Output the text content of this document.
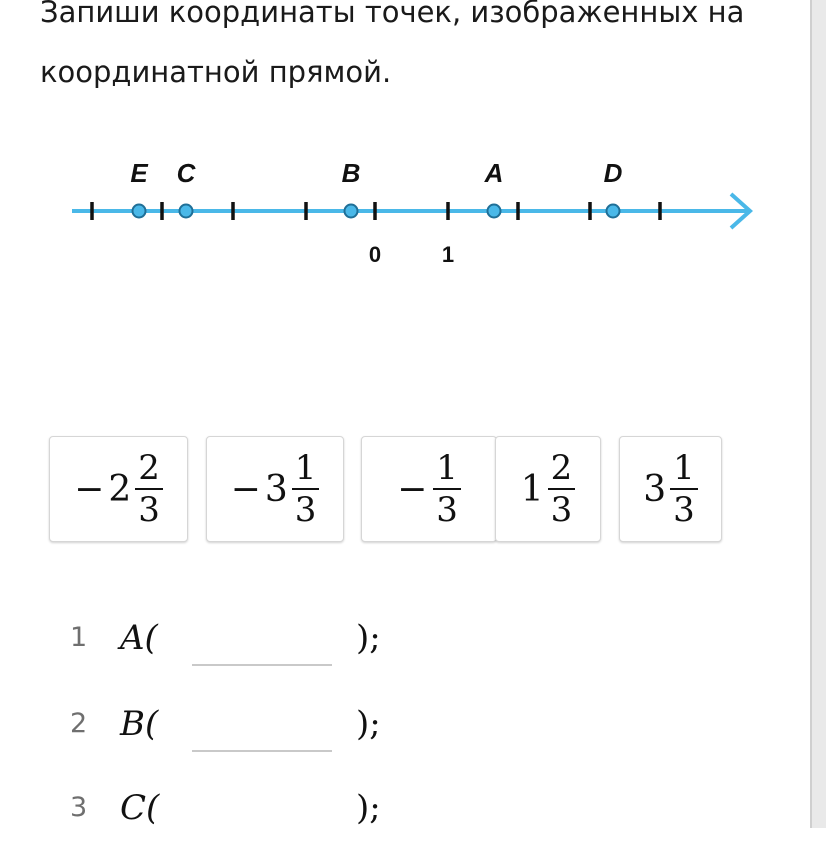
Запиши координаты точек, изображенных на
координатной прямой.
E C	B	A	D
0	1
− $2 \frac{2}{3} - 3 \frac{1}{3} - \frac{1}{3} 1 \frac{2}{3} 3 \frac{1}{3}$
1 A(	);
2 B(	);
3 C(	);
